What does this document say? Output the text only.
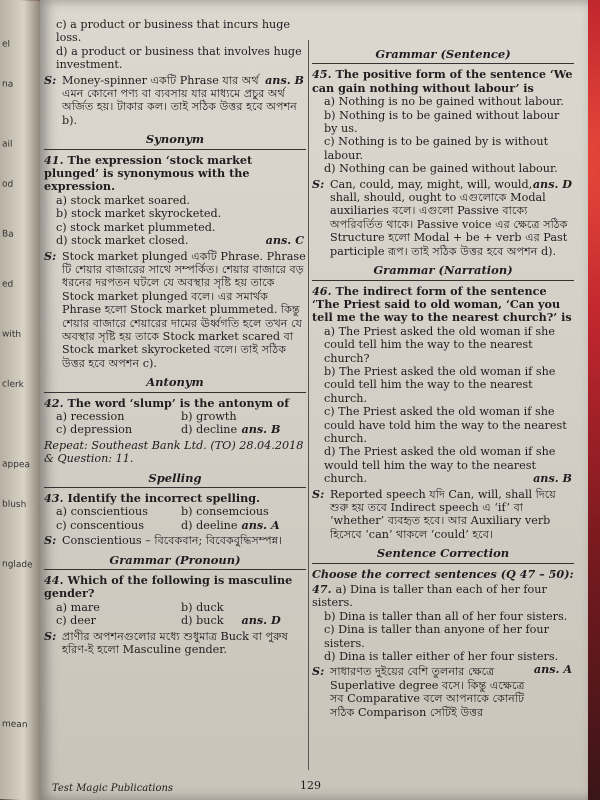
el
na
ail
od
Ba
ed
with
clerk
appea
blush
nglade
mean
c) a product or business that incurs huge loss.
d) a product or business that involves huge investment.
S:	ans. B
Money-spinner একটি Phrase যার অর্থ এমন কোনো পণ্য বা ব্যবসায় যার মাধ্যমে প্রচুর অর্থ অর্জিত হয়। টাকার কল। তাই সঠিক উত্তর হবে অপশন b).
Synonym
41. The expression ‘stock market plunged’ is synonymous with the expression.
a) stock market soared.
b) stock market skyrocketed.
c) stock market plummeted.
d) stock market closed.	ans. C
S: Stock market plunged একটি Phrase. Phrase টি শেয়ার বাজারের সাথে সম্পর্কিত। শেয়ার বাজারে বড় ধরনের দরপতন ঘটলে যে অবস্থার সৃষ্টি হয় তাকে Stock market plunged বলে। এর সমার্থক Phrase হলো Stock market plummeted. কিন্তু শেয়ার বাজারে শেয়ারের দামের ঊর্ধ্বগতি হলে তখন যে অবস্থার সৃষ্টি হয় তাকে Stock market scared বা Stock market skyrocketed বলে। তাই সঠিক উত্তর হবে অপশন c).
Antonym
42. The word ‘slump’ is the antonym of
a) recession	b) growth
c) depression	d) decline ans. B
Repeat: Southeast Bank Ltd. (TO) 28.04.2018 & Question: 11.
Spelling
43. Identify the incorrect spelling.
a) conscientious	b) consemcious
c) conscentious	d) deeline ans. A
S: Conscientious – বিবেকবান; বিবেকবুদ্ধিসম্পন্ন।
Grammar (Pronoun)
44. Which of the following is masculine gender?
a) mare	b) duck
c) deer	d) buck ans. D
S: প্রাণীর অপশনগুলোর মধ্যে শুধুমাত্র Buck বা পুরুষ হরিণ-ই হলো Masculine gender.
Grammar (Sentence)
45. The positive form of the sentence ‘We can gain nothing without labour’ is
a) Nothing is no be gained without labour.
b) Nothing is to be gained without labour by us.
c) Nothing is to be gained by is without labour.
d) Nothing can be gained without labour.
S:	ans. D
Can, could, may, might, will, would, shall, should, ought to এগুলোকে Modal auxiliaries বলে। এগুলো Passive বাক্যে অপরিবর্তিত থাকে। Passive voice এর ক্ষেত্রে সঠিক Structure হলো Modal + be + verb এর Past participle রূপ। তাই সঠিক উত্তর হবে অপশন d).
Grammar (Narration)
46. The indirect form of the sentence ‘The Priest said to old woman, ‘Can you tell me the way to the nearest church?’ is
a) The Priest asked the old woman if she could tell him the way to the nearest church?
b) The Priest asked the old woman if she could tell him the way to the nearest church.
c) The Priest asked the old woman if she could have told him the way to the nearest church.
d) The Priest asked the old woman if she would tell him the way to the nearest church.	ans. B
S: Reported speech যদি Can, will, shall দিয়ে শুরু হয় তবে Indirect speech এ ‘if’ বা ‘whether’ ব্যবহৃত হবে। আর Auxiliary verb হিসেবে ‘can’ থাকলে ‘could’ হবে।
Sentence Correction
Choose the correct sentences (Q 47 – 50):
47. a) Dina is taller than each of her four sisters.
b) Dina is taller than all of her four sisters.
c) Dina is taller than anyone of her four sisters.
d) Dina is taller either of her four sisters.
ans. A
S: সাধারণত দুইয়ের বেশি তুলনার ক্ষেত্রে Superlative degree বসে। কিন্তু এক্ষেত্রে সব Comparative বলে আপনাকে কোনটি সঠিক Comparison সেটিই উত্তর
Test Magic Publications	129
